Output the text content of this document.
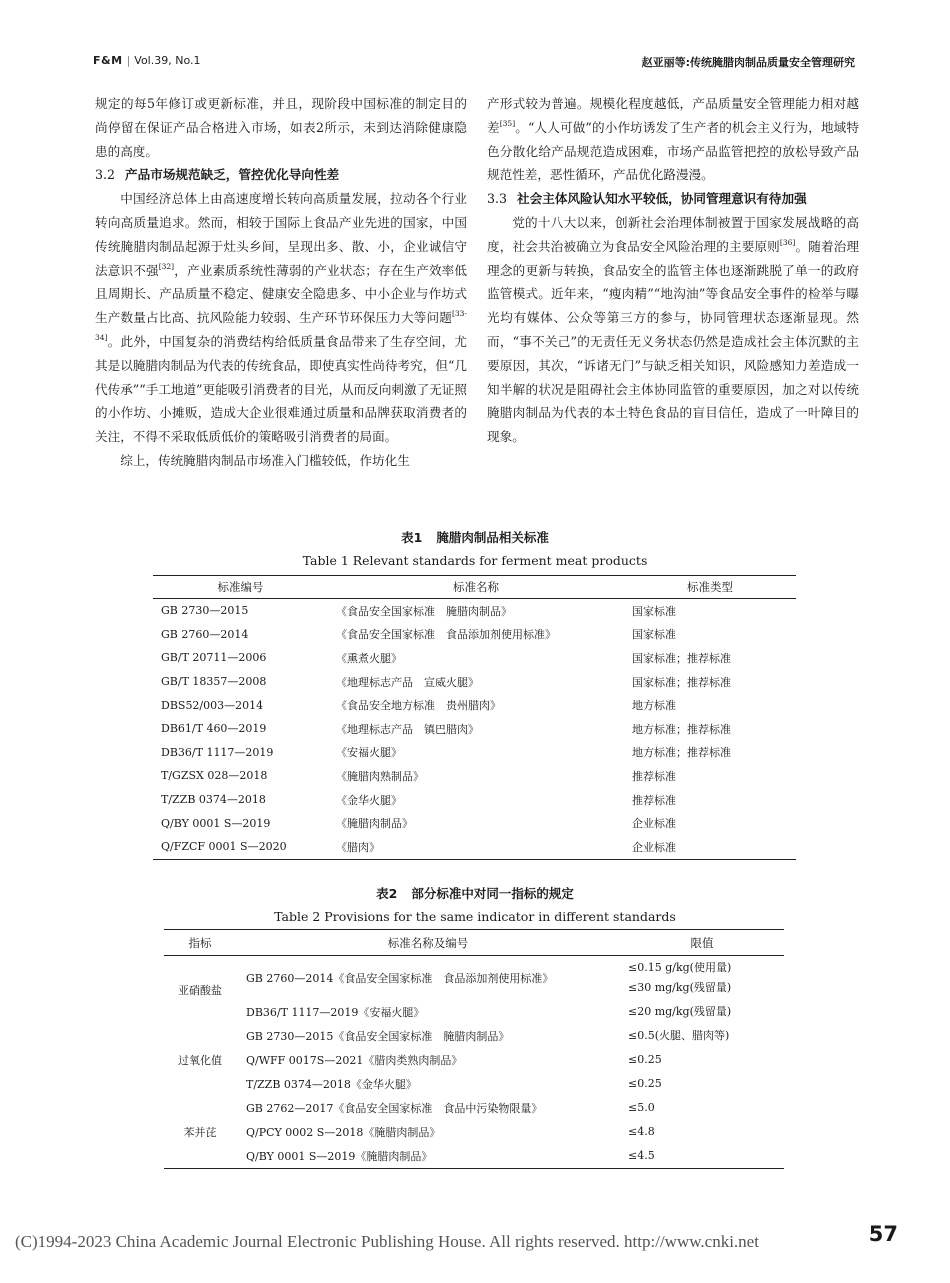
F&M | Vol.39, No.1	赵亚丽等:传统腌腊肉制品质量安全管理研究

规定的每5年修订或更新标准，并且，现阶段中国标准的制定目的尚停留在保证产品合格进入市场，如表2所示，未到达消除健康隐患的高度。

3.2 产品市场规范缺乏，管控优化导向性差

中国经济总体上由高速度增长转向高质量发展，拉动各个行业转向高质量追求。然而，相较于国际上食品产业先进的国家，中国传统腌腊肉制品起源于灶头乡间，呈现出多、散、小，企业诚信守法意识不强[32]，产业素质系统性薄弱的产业状态；存在生产效率低且周期长、产品质量不稳定、健康安全隐患多、中小企业与作坊式生产数量占比高、抗风险能力较弱、生产环节环保压力大等问题[33-34]。此外，中国复杂的消费结构给低质量食品带来了生存空间，尤其是以腌腊肉制品为代表的传统食品，即使真实性尚待考究，但“几代传承”“手工地道”更能吸引消费者的目光，从而反向刺激了无证照的小作坊、小摊贩，造成大企业很难通过质量和品牌获取消费者的关注，不得不采取低质低价的策略吸引消费者的局面。

综上，传统腌腊肉制品市场准入门槛较低，作坊化生

产形式较为普遍。规模化程度越低，产品质量安全管理能力相对越差[35]。“人人可做”的小作坊诱发了生产者的机会主义行为，地域特色分散化给产品规范造成困难，市场产品监管把控的放松导致产品规范性差，恶性循环，产品优化路漫漫。

3.3 社会主体风险认知水平较低，协同管理意识有待加强

党的十八大以来，创新社会治理体制被置于国家发展战略的高度，社会共治被确立为食品安全风险治理的主要原则[36]。随着治理理念的更新与转换，食品安全的监管主体也逐渐跳脱了单一的政府监管模式。近年来，“瘦肉精”“地沟油”等食品安全事件的检举与曝光均有媒体、公众等第三方的参与，协同管理状态逐渐显现。然而，“事不关己”的无责任无义务状态仍然是造成社会主体沉默的主要原因，其次，“诉诸无门”与缺乏相关知识，风险感知力差造成一知半解的状况是阻碍社会主体协同监管的重要原因，加之对以传统腌腊肉制品为代表的本土特色食品的盲目信任，造成了一叶障目的现象。

表1 腌腊肉制品相关标准
Table 1 Relevant standards for ferment meat products
标准编号	标准名称	标准类型
GB 2730—2015	《食品安全国家标准　腌腊肉制品》	国家标准
GB 2760—2014	《食品安全国家标准　食品添加剂使用标准》	国家标准
GB/T 20711—2006	《熏煮火腿》	国家标准；推荐标准
GB/T 18357—2008	《地理标志产品　宣威火腿》	国家标准；推荐标准
DBS52/003—2014	《食品安全地方标准　贵州腊肉》	地方标准
DB61/T 460—2019	《地理标志产品　镇巴腊肉》	地方标准；推荐标准
DB36/T 1117—2019	《安福火腿》	地方标准；推荐标准
T/GZSX 028—2018	《腌腊肉熟制品》	推荐标准
T/ZZB 0374—2018	《金华火腿》	推荐标准
Q/BY 0001 S—2019	《腌腊肉制品》	企业标准
Q/FZCF 0001 S—2020	《腊肉》	企业标准
表2 部分标准中对同一指标的规定
Table 2 Provisions for the same indicator in different standards
指标	标准名称及编号	限值
亚硝酸盐	GB 2760—2014《食品安全国家标准　食品添加剂使用标准》	≤0.15 g/kg(使用量)
≤30 mg/kg(残留量)

	DB36/T 1117—2019《安福火腿》	≤20 mg/kg(残留量)
过氧化值	GB 2730—2015《食品安全国家标准　腌腊肉制品》	≤0.5(火腿、腊肉等)
	Q/WFF 0017S—2021《腊肉类熟肉制品》	≤0.25
	T/ZZB 0374—2018《金华火腿》	≤0.25
苯并芘	GB 2762—2017《食品安全国家标准　食品中污染物限量》	≤5.0
	Q/PCY 0002 S—2018《腌腊肉制品》	≤4.8
	Q/BY 0001 S—2019《腌腊肉制品》	≤4.5
(C)1994-2023 China Academic Journal Electronic Publishing House. All rights reserved. http://www.cnki.net	57
